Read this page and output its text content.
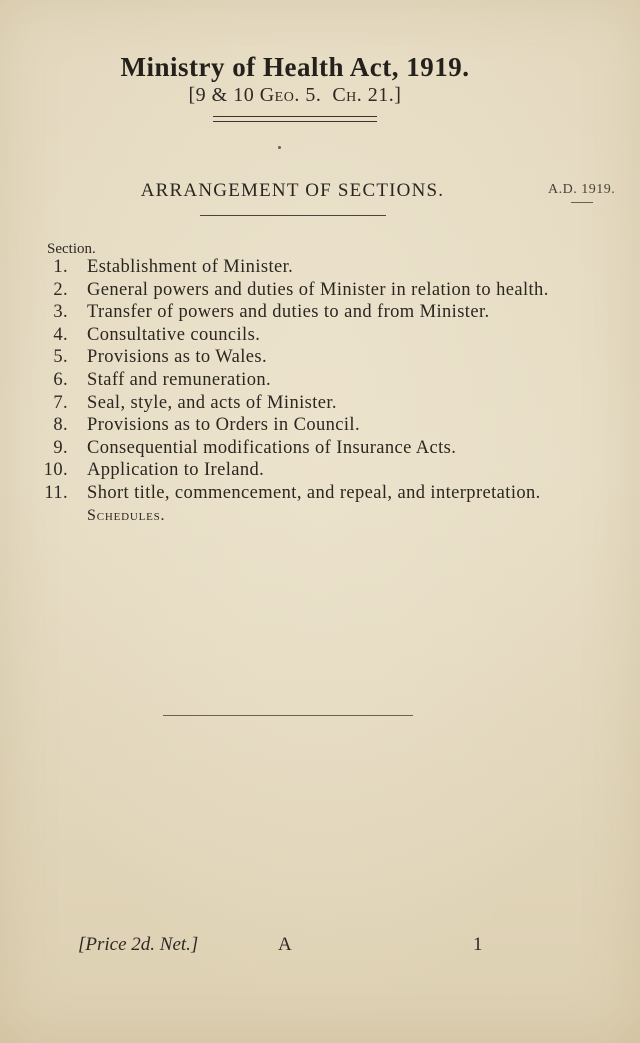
Ministry of Health Act, 1919.
[9 & 10 Geo. 5.  Ch. 21.]
ARRANGEMENT OF SECTIONS.	A.D. 1919.
Section.
1. Establishment of Minister.
2. General powers and duties of Minister in relation to health.
3. Transfer of powers and duties to and from Minister.
4. Consultative councils.
5. Provisions as to Wales.
6. Staff and remuneration.
7. Seal, style, and acts of Minister.
8. Provisions as to Orders in Council.
9. Consequential modifications of Insurance Acts.
10. Application to Ireland.
11. Short title, commencement, and repeal, and interpretation.
Schedules.
[Price 2d. Net.]	A	1
